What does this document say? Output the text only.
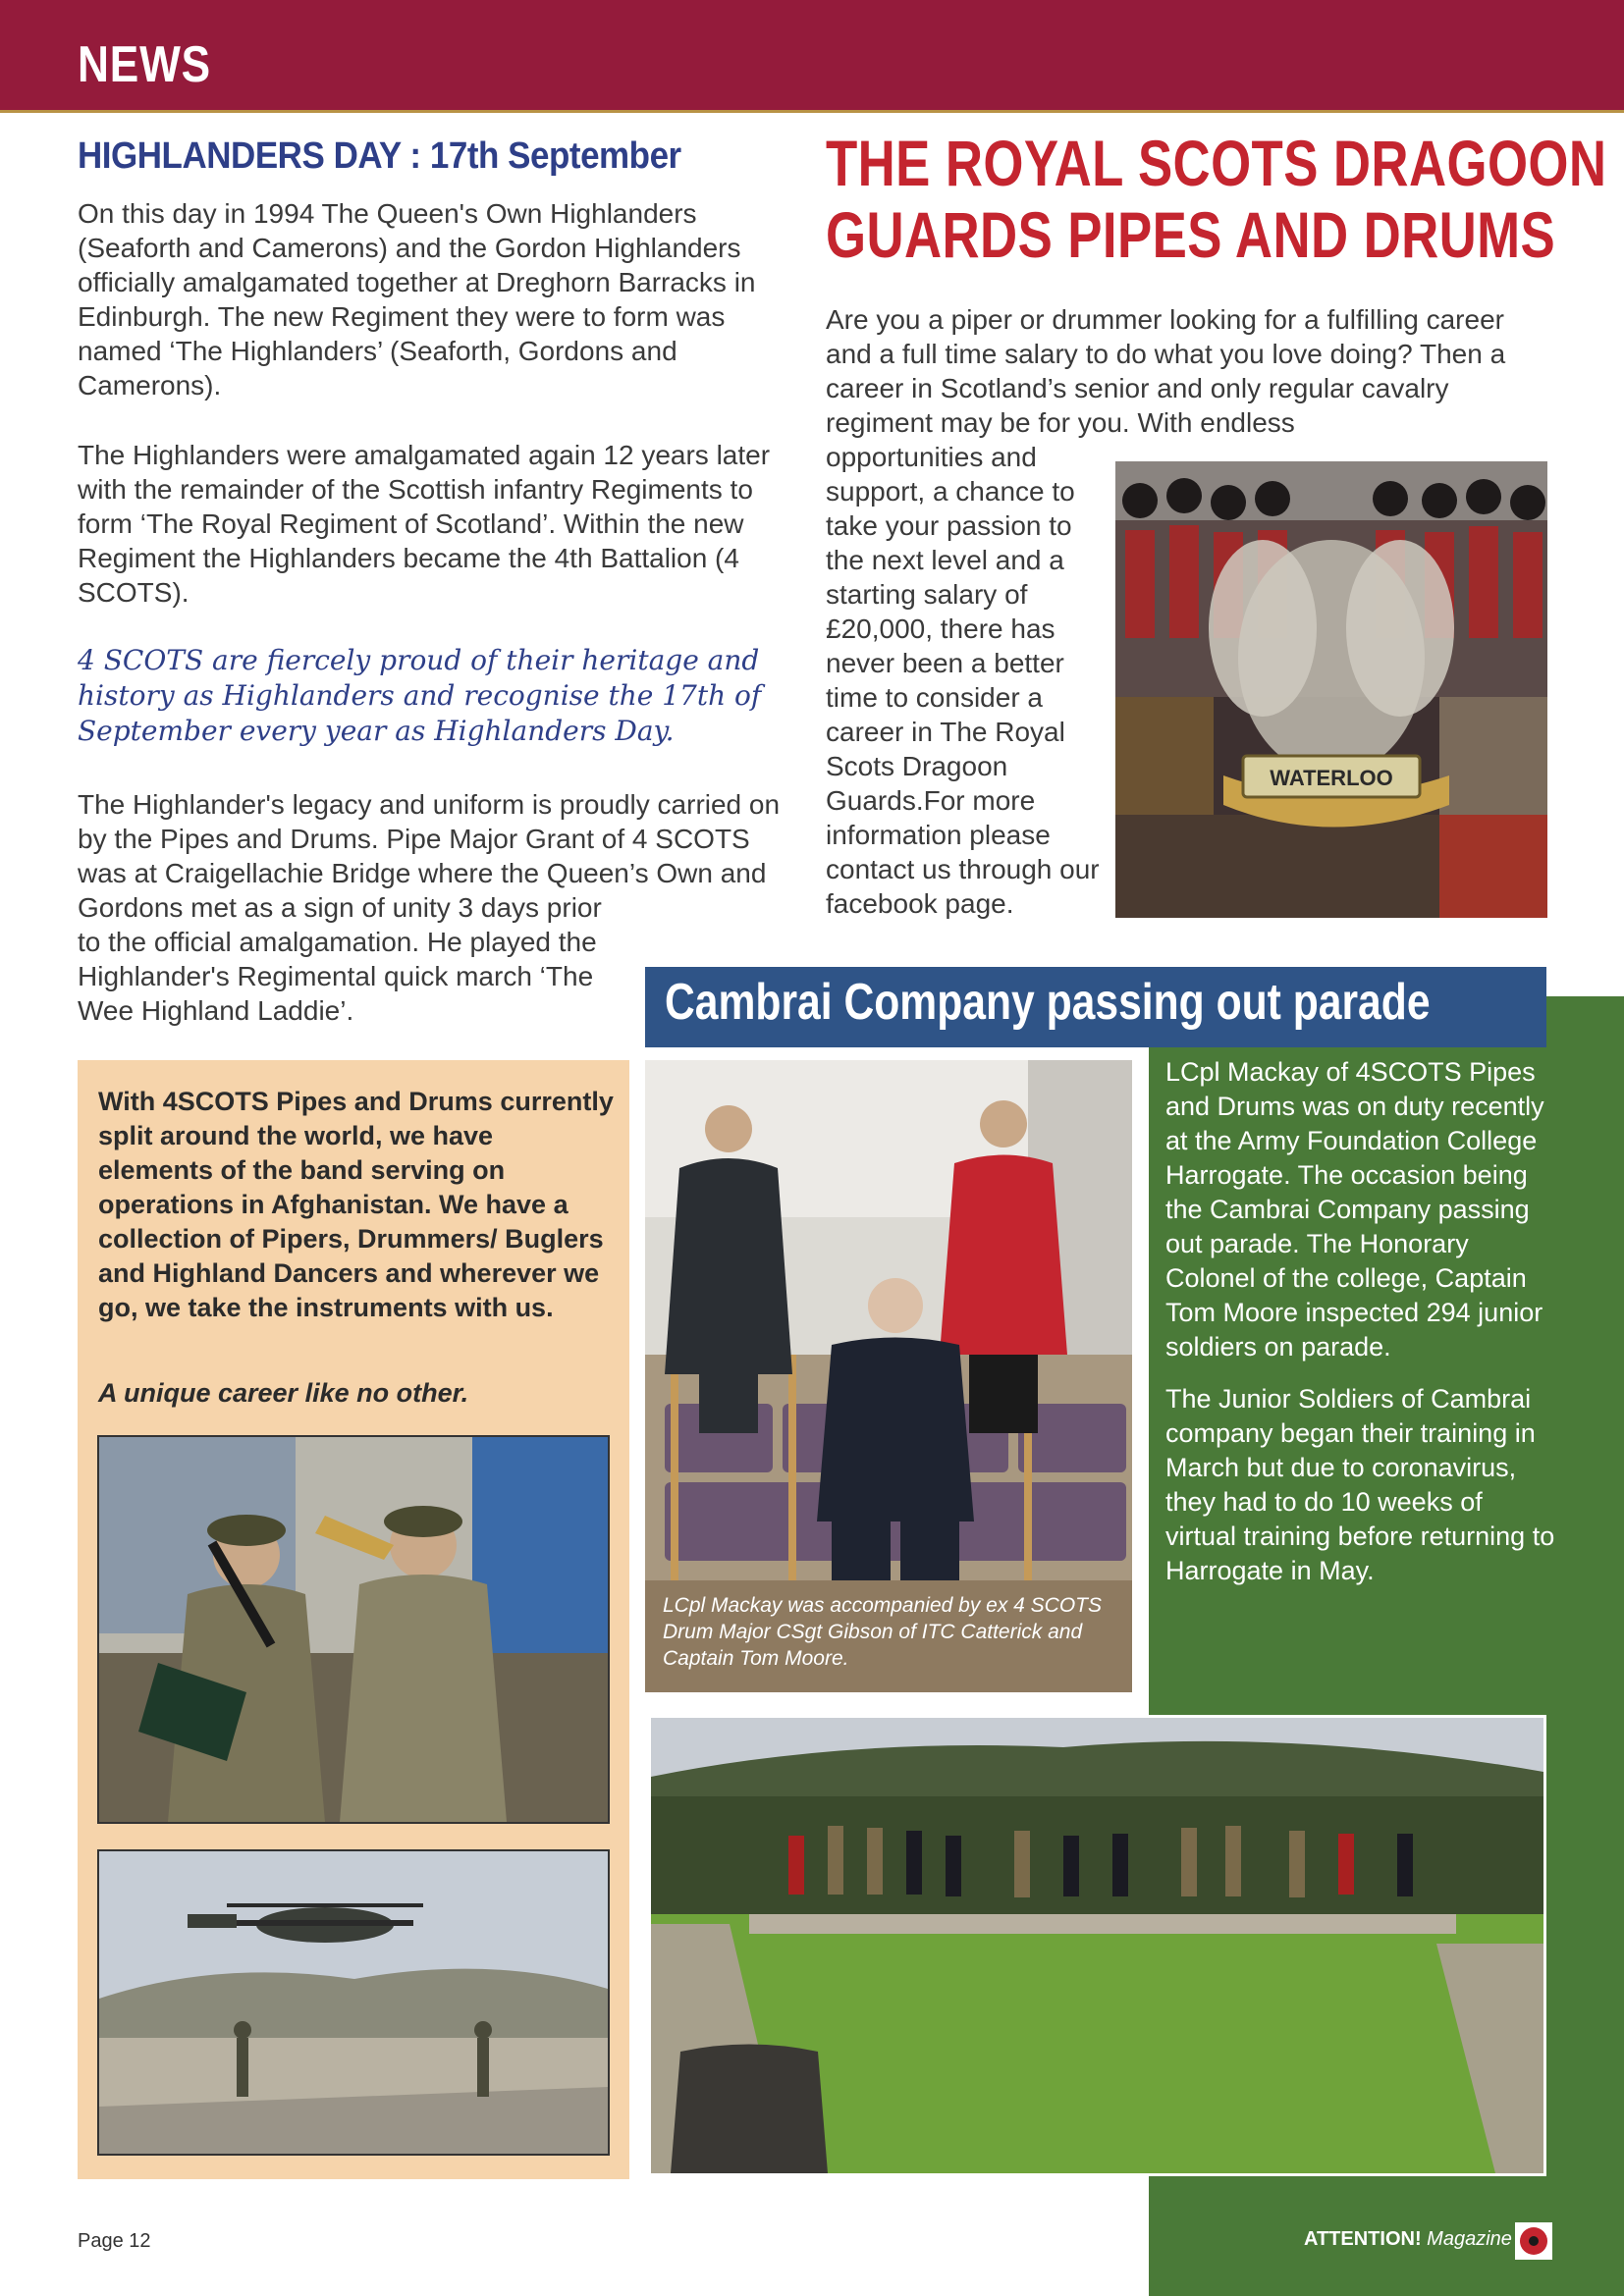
NEWS
HIGHLANDERS DAY : 17th September
On this day in 1994 The Queen's Own Highlanders (Seaforth and Camerons) and the Gordon Highlanders officially amalgamated together at Dreghorn Barracks in Edinburgh. The new Regiment they were to form was named ‘The Highlanders’ (Seaforth, Gordons and Camerons).
The Highlanders were amalgamated again 12 years later with the remainder of the Scottish infantry Regiments to form ‘The Royal Regiment of Scotland’. Within the new Regiment the Highlanders became the 4th Battalion (4 SCOTS).
4 SCOTS are fiercely proud of their heritage and history as Highlanders and recognise the 17th of September every year as Highlanders Day.
The Highlander's legacy and uniform is proudly carried on by the Pipes and Drums. Pipe Major Grant of 4 SCOTS was at Craigellachie Bridge where the Queen’s Own and Gordons met as a sign of unity 3 days prior
to the official amalgamation. He played the Highlander's Regimental quick march ‘The Wee Highland Laddie’.
THE ROYAL SCOTS DRAGOON GUARDS PIPES AND DRUMS
Are you a piper or drummer looking for a fulfilling career and a full time salary to do what you love doing? Then a career in Scotland’s senior and only regular cavalry regiment may be for you. With endless
opportunities and support, a chance to take your passion to the next level and a starting salary of £20,000, there has never been a better time to consider a career in The Royal Scots Dragoon Guards.For more information please contact us through our facebook page.
WATERLOO
Cambrai Company passing out parade

LCpl Mackay of 4SCOTS Pipes and Drums was on duty recently at the Army Foundation College Harrogate. The occasion being the Cambrai Company passing out parade. The Honorary Colonel of the college, Captain Tom Moore inspected 294 junior soldiers on parade.

The Junior Soldiers of Cambrai company began their training in March but due to coronavirus, they had to do 10 weeks of virtual training before returning to Harrogate in May.

LCpl Mackay was accompanied by ex 4 SCOTS Drum Major CSgt Gibson of ITC Catterick and Captain Tom Moore.
With 4SCOTS Pipes and Drums currently split around the world, we have elements of the band serving on operations in Afghanistan. We have a collection of Pipers, Drummers/ Buglers and Highland Dancers and wherever we go, we take the instruments with us.
A unique career like no other.
Page 12	ATTENTION! Magazine
